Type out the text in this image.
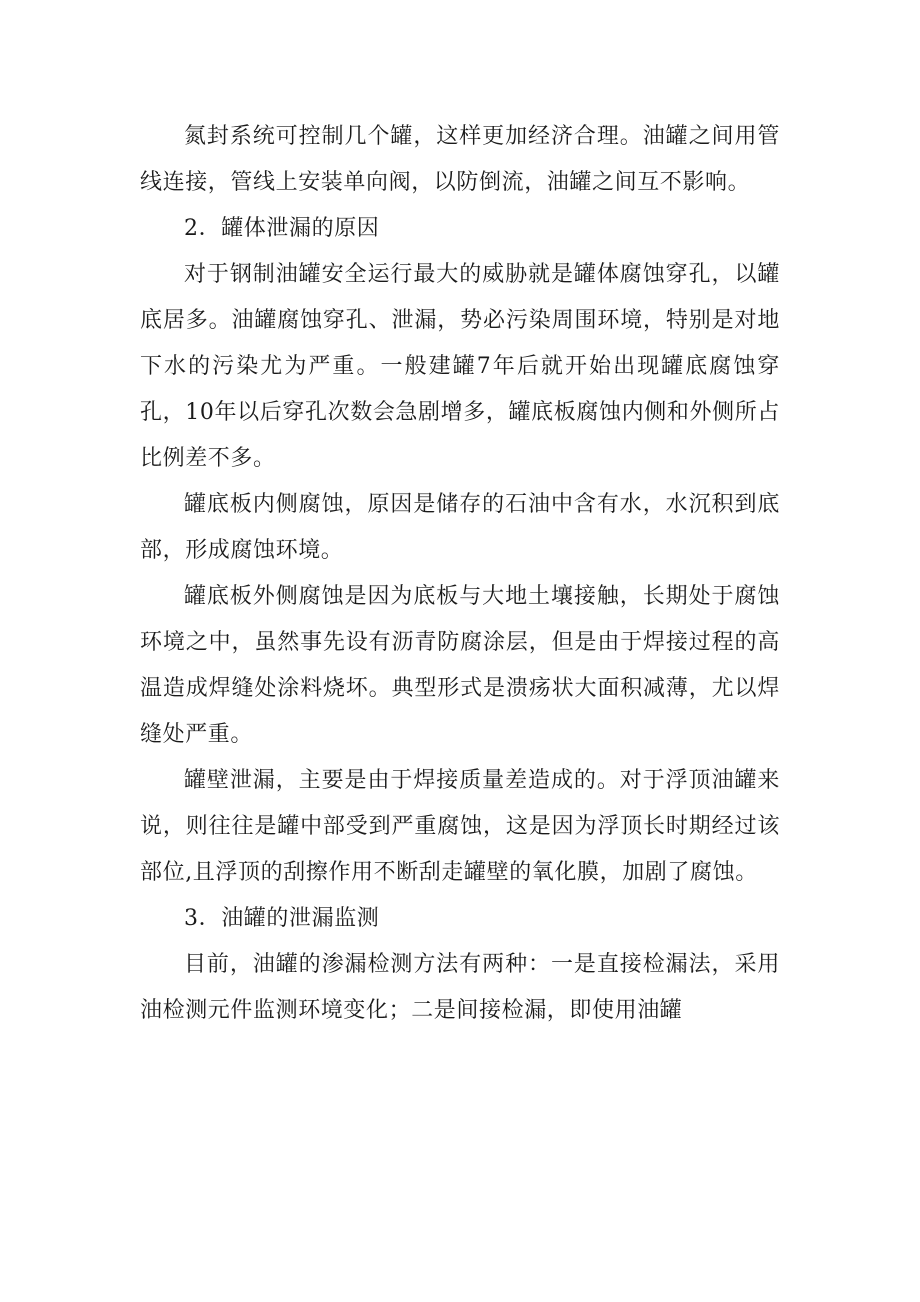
氮封系统可控制几个罐，这样更加经济合理。油罐之间用管线连接，管线上安装单向阀，以防倒流，油罐之间互不影响。

2．罐体泄漏的原因

对于钢制油罐安全运行最大的威胁就是罐体腐蚀穿孔，以罐底居多。油罐腐蚀穿孔、泄漏，势必污染周围环境，特别是对地下水的污染尤为严重。一般建罐7年后就开始出现罐底腐蚀穿孔，10年以后穿孔次数会急剧增多，罐底板腐蚀内侧和外侧所占比例差不多。

罐底板内侧腐蚀，原因是储存的石油中含有水，水沉积到底部，形成腐蚀环境。

罐底板外侧腐蚀是因为底板与大地土壤接触，长期处于腐蚀环境之中，虽然事先设有沥青防腐涂层，但是由于焊接过程的高温造成焊缝处涂料烧坏。典型形式是溃疡状大面积减薄，尤以焊缝处严重。

罐壁泄漏，主要是由于焊接质量差造成的。对于浮顶油罐来说，则往往是罐中部受到严重腐蚀，这是因为浮顶长时期经过该部位,且浮顶的刮擦作用不断刮走罐壁的氧化膜，加剧了腐蚀。

3．油罐的泄漏监测

目前，油罐的渗漏检测方法有两种：一是直接检漏法，采用油检测元件监测环境变化；二是间接检漏，即使用油罐
